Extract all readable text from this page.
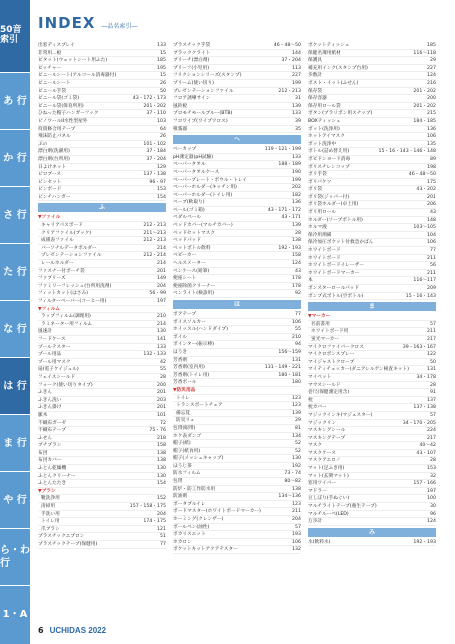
50音索引
あ 行
か 行
さ 行
た 行
な 行
は 行
ま 行
や 行
ら・わ 行
1・A
INDEX ―品名索引―
出窓ディスプレイ	133
非常用...板	15
ビタット(ウェットシート用ふた)	185
ビッチャー	195
ビニールシート(アルコール消毒器付)	15
ビニールシート	26
ビニール手袋	50
ビニール袋(ゴミ袋)	43・172・173
ビニール袋(保育所用)	201・202
ひねった帽子ハンガーフック	37・110
ピノワールII水性型屋外	103
投資修合用テープ	64
飛沫防止パネル	26
ぶの	101・102
漂白剤(洗濯用)	37・184
漂白剤(台所用)	37・204
日よけネット	129
ピロブース	137・138
ピンセット	96・97
ピンボード	153
ピンチハンガー	154
ふ
▼ファイル
キャリアパスボード	212・213
クリアファイル(ブック)	211〜213
成績表ファイル	212・213
パーソナルデータボルダー	214
プレゼンテーションファイル	212・214
レールホルダー	214
ファスナー付ポーチ袋	201
ファブリーズ	149
ファミリーフレッシュ(台所用洗剤)	204
フィットカット(はさみ)	56・99
フィルターベーパー(コーヒー用)	197
▼フィルム
ラップフィルム(調理用)	210
ラミネーター用フィルム	214
風速計	130
フードケース	141
プールテスター	133
プール用品	132・133
プール用マスク	42
扇(電子ケイジュル)	55
フェイスシールド	28
フォーク(使い切りタイプ)	200
ふきん	201
ふきん洗い	203
ふきん掛け	201
脈木	101
不織布ガーゼ	72
不織布テープ	75・76
ふせん	218
ブチプラシ	158
布団	138
布団カバー	138
ふとん乾燥機	130
ふとんクリーナー	130
ふとんたたき	154
▼ブラシ
靴洗浄用	152
清掃用	157・158・175
手洗い用	204
トイレ用	174・175
爪ブラシ	121
プラスチックエプロン	51
プラスチックテープ(保健用)	77
プラスチック手袋	46・48〜50
ブラッククライト	144
ブリーチ(漂白剤)	37・204
プリーフ(小児用)	113
フリクションシリーズ(スタンプ)	227
プリーム(使い切り)	199
プレゼンテーションファイル	212・213
フロア誘導サイン	31
風鈴板	139
プロモチモールブルー(BTB)	133
フロワイプ(ワイプワロス)	39
噴霧器	35
へ
ベーカップ	119・121・199
pH測定器(pH試験)	133
ペーパータオル	188・189
ペーパータオルケース	190
ペーパープレート・ボウル・トレイ	199
ペーパーホルダー(キッチン用)	202
ペーパーホルダー(トイレ用)	182
ペーブ(軟取り)	136
ベール(ゴミ箱)	43・171・172
ペダルベール	43・171
ベッドカバー(マルチカバー)	139
ベッドセットマスク	28
ベッドパッド	138
ベットボトル飲料	192・193
ベビーカー	158
ヘルスメーター	124
ペンケース(鉛筆)	43
便座シート	178
便座除菌クリーナー	178
ペンライト(検診用)	92
ほ
ボアテープ	77
ボイスソルカー	106
ホイッスル(ハンドダイプ)	55
ボイル	210
ボインター(振示棒)	94
ほうき	156〜159
芳香剤	131
芳香剤(室内用)	131・149・221
芳香剤(トイレ用)	180・181
芳香ボール	180
▼防災用品
トイレ	123
トランスポートチェア	123
備忘覚	139
防災リュ	29
包帯(眼帯)	81
ホケ表ダンゴ	134
帽子(紙)	52
帽子(紙食用)	52
帽子(メッシュキャップ)	130
ほうじ茶	192
防水フィルム	73・74
包帯	80〜82
防炉・防工作防水用	138
防油剤	134〜136
ボータブルイレ	123
ボードマスター(ホワイトボードマーカー)	211
ホーミング(クレンザー)	204
ボールペン(油性)	57
ボカリスエット	193
ホカロン	106
ボケットキットアクアテスター	132
ボケットティッシュ	185
保健名簿用紙材	116〜118
保護具	29
補充用インク(スタンプ台用)	227
歩数計	124
ポスト・イット(ふせん)	216
保存袋	201・202
保存容器	200
保存用ロール袋	201・202
ボタン(プラリボン用スナップ)	215
BOXティッシュ	184・185
ボット(洗浄用)	136
ホットアイマスク	106
ボット洗浄中	135
ボトル(詰め替え用)	15・16・143・146・148
ボビドンヨード消毒	89
ポリスチレンコップ	198
ポリ手袋	46・48〜50
ボリバケツ	175
ポリ袋	43・202
ポリ袋(ジッパー付)	201
ボリ袋ホルダー(卓上用)	206
ポリ用ロール	43
ホルダー(ソープボトル用)	148
ホルマ液	103〜105
保冷用剤備	104
保冷加圧ポケット付救急かばん	106
ホワイトボード	77
ホワイトボード	211
ホワイトボードイレーザー	56
ホワイトボードマーカー	211
本	116〜117
ボンスターロールパッド	209
ポンプ式ボトル(空ボトル)	15・16・143
ま
▼マーカー
名前書用	57
ホワイトボード用	211
蛍光マーカー	217
マイクロファイバークロス	39・163・167
マイクロボンスプレー	122
マイジャストクローブ	50
マイティチェッカー(ダニアレルゲン検査キット)	131
マイペット	34・178
マウスシールド	28
巻尺(保健測定用含)	91
枕	137
枕カバー	137・138
マジックインキ(マジェスター)	57
マジックリン	34・170・205
マスキングシール	224
マスキングテープ	217
マスク	40〜42
マスクケース	43・107
マスクアエロノ	28
マット(足ふき用)	153
マット(玄関マット)	32
窓用ワイパー	157・166
マドラー	197
豆しぼり(手ぬぐい)	100
マルチライトテープ(養生テープ)	30
マルチルーペ(LED)	96
万歩計	124
み
水(飲料水)	192・193
6 UCHIDAS 2022
